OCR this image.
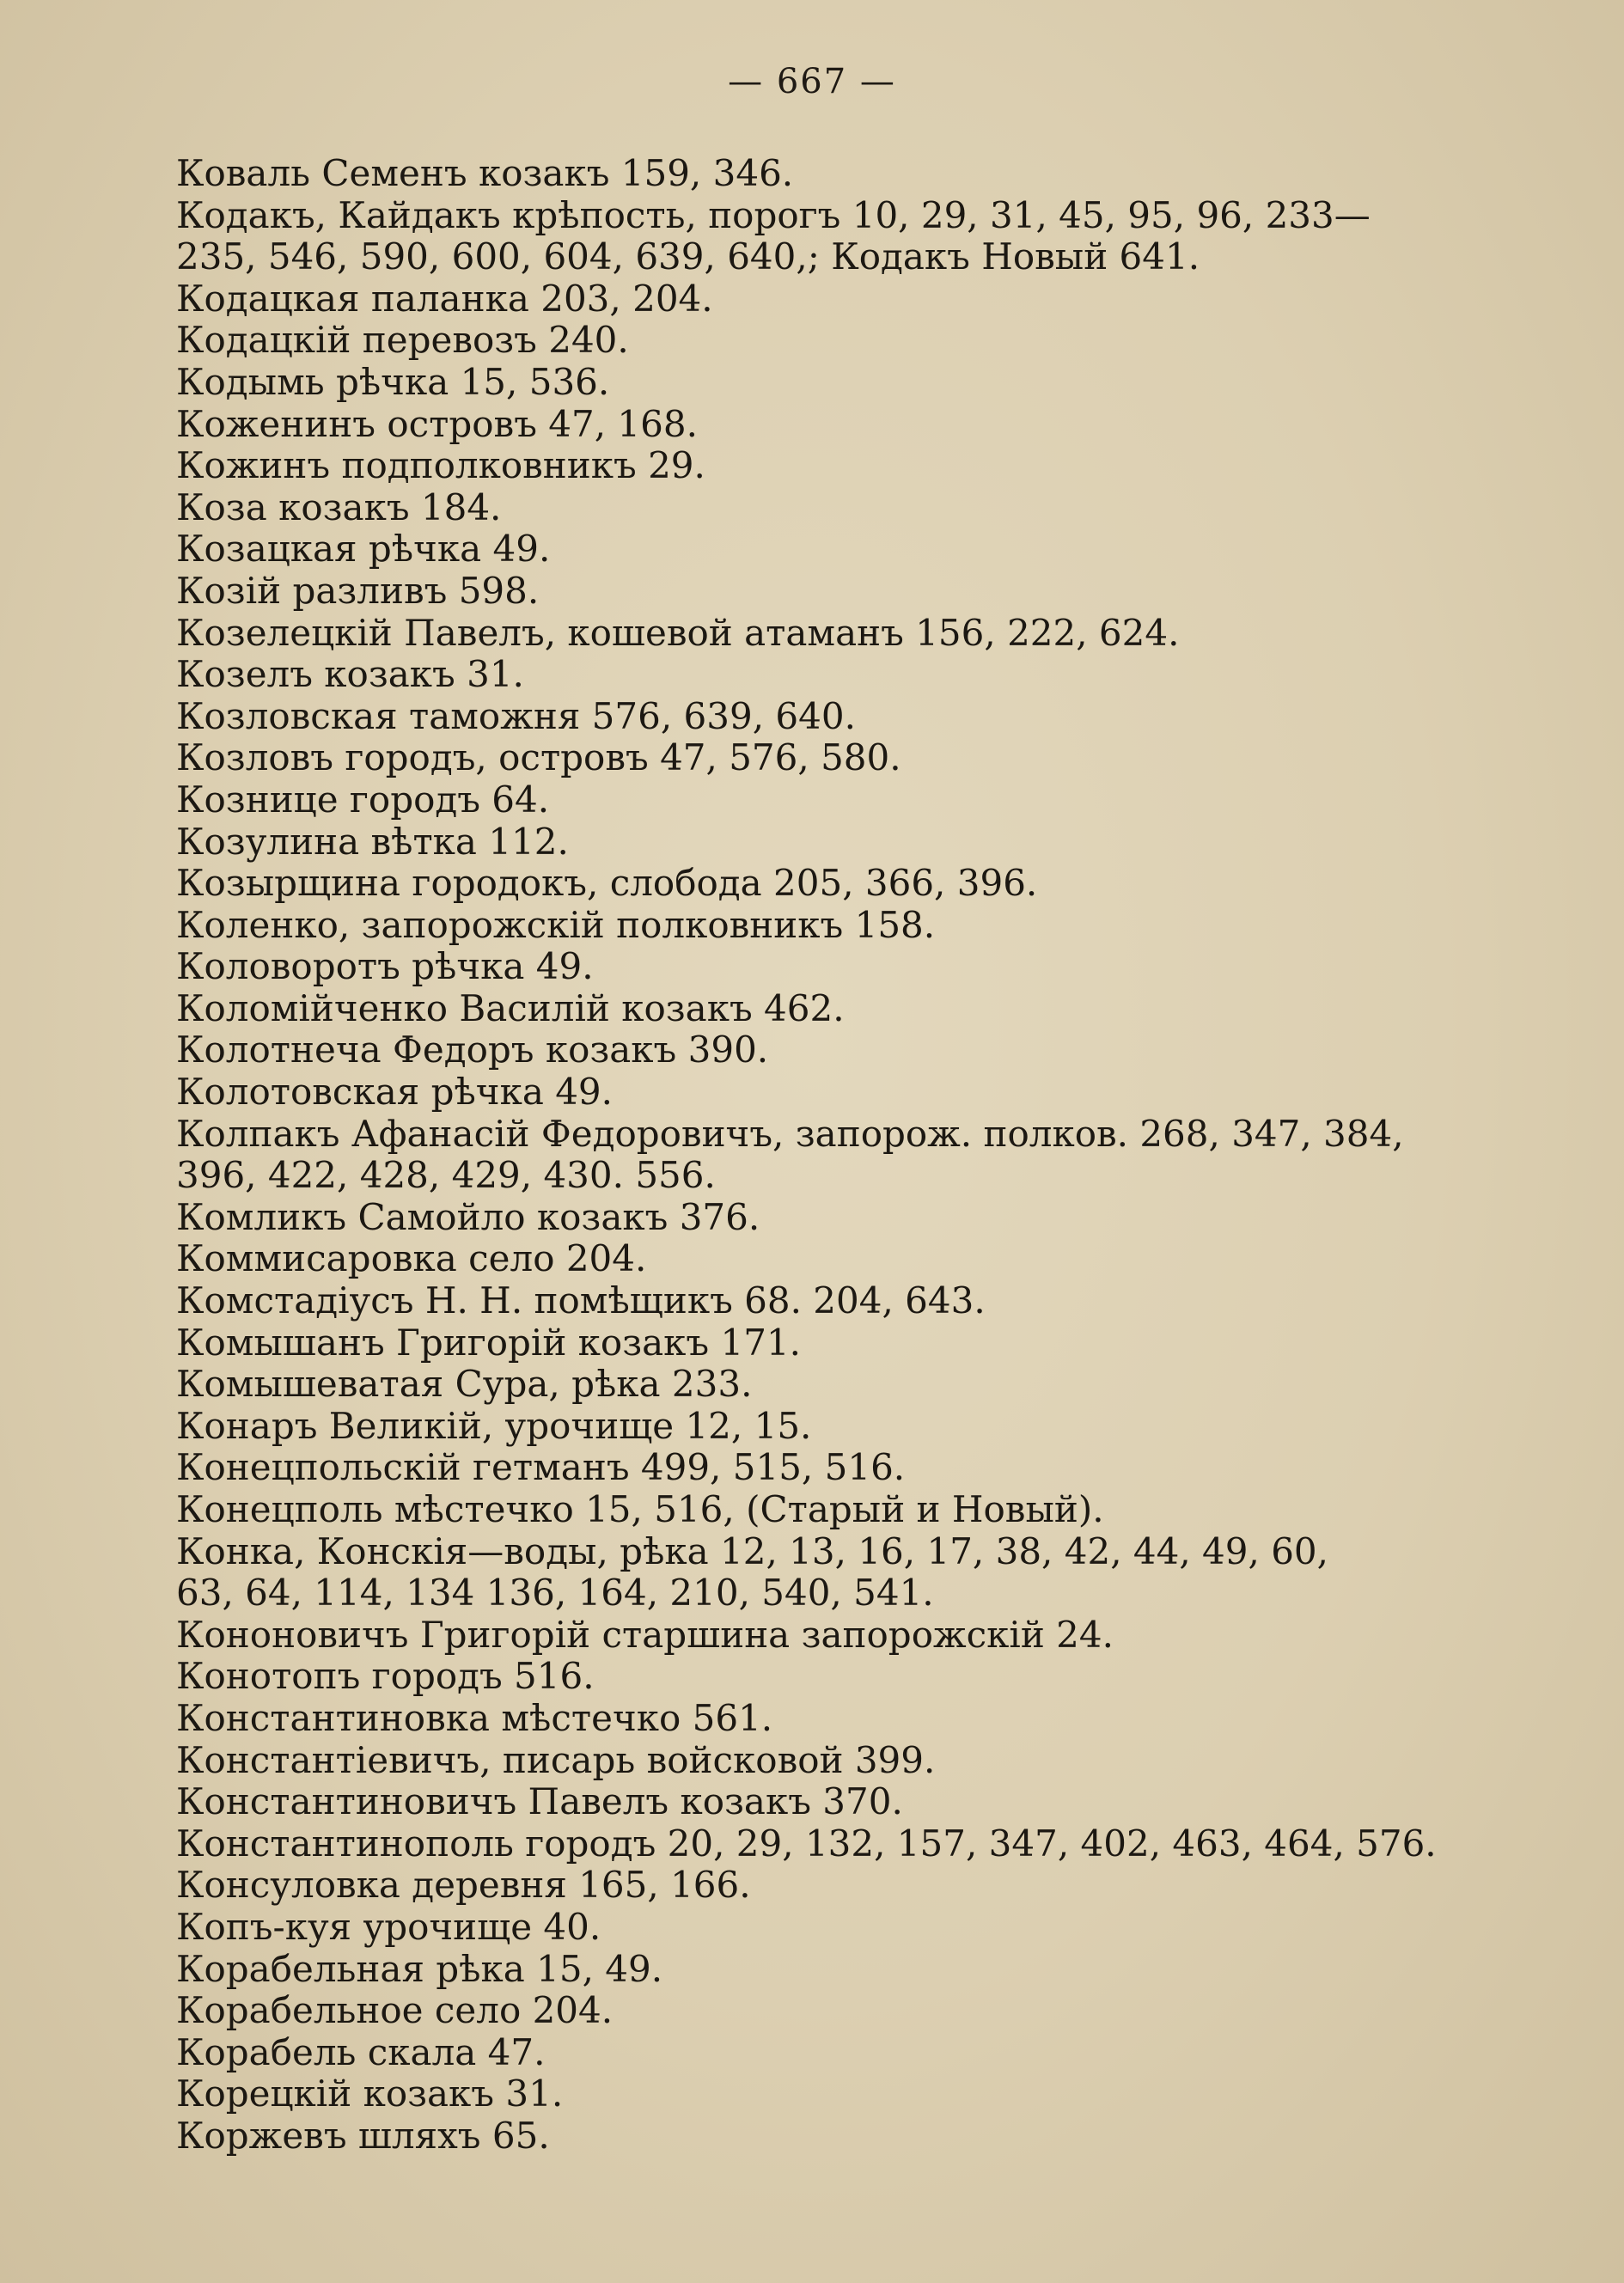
— 667 —
Коваль Семенъ козакъ 159, 346.
Кодакъ, Кайдакъ крѣпость, порогъ 10, 29, 31, 45, 95, 96, 233—
235, 546, 590, 600, 604, 639, 640,; Кодакъ Новый 641.
Кодацкая паланка 203, 204.
Кодацкій перевозъ 240.
Кодымь рѣчка 15, 536.
Коженинъ островъ 47, 168.
Кожинъ подполковникъ 29.
Коза козакъ 184.
Козацкая рѣчка 49.
Козій разливъ 598.
Козелецкій Павелъ, кошевой атаманъ 156, 222, 624.
Козелъ козакъ 31.
Козловская таможня 576, 639, 640.
Козловъ городъ, островъ 47, 576, 580.
Кознице городъ 64.
Козулина вѣтка 112.
Козырщина городокъ, слобода 205, 366, 396.
Коленко, запорожскій полковникъ 158.
Коловоротъ рѣчка 49.
Коломійченко Василій козакъ 462.
Колотнеча Федоръ козакъ 390.
Колотовская рѣчка 49.
Колпакъ Афанасій Федоровичъ, запорож. полков. 268, 347, 384,
396, 422, 428, 429, 430. 556.
Комликъ Самойло козакъ 376.
Коммисаровка село 204.
Комстадіусъ Н. Н. помѣщикъ 68. 204, 643.
Комышанъ Григорій козакъ 171.
Комышеватая Сура, рѣка 233.
Конаръ Великій, урочище 12, 15.
Конецпольскій гетманъ 499, 515, 516.
Конецполь мѣстечко 15, 516, (Старый и Новый).
Конка, Конскія—воды, рѣка 12, 13, 16, 17, 38, 42, 44, 49, 60,
63, 64, 114, 134 136, 164, 210, 540, 541.
Кононовичъ Григорій старшина запорожскій 24.
Конотопъ городъ 516.
Константиновка мѣстечко 561.
Константіевичъ, писарь войсковой 399.
Константиновичъ Павелъ козакъ 370.
Константинополь городъ 20, 29, 132, 157, 347, 402, 463, 464, 576.
Консуловка деревня 165, 166.
Копъ-куя урочище 40.
Корабельная рѣка 15, 49.
Корабельное село 204.
Корабель скала 47.
Корецкій козакъ 31.
Коржевъ шляхъ 65.
